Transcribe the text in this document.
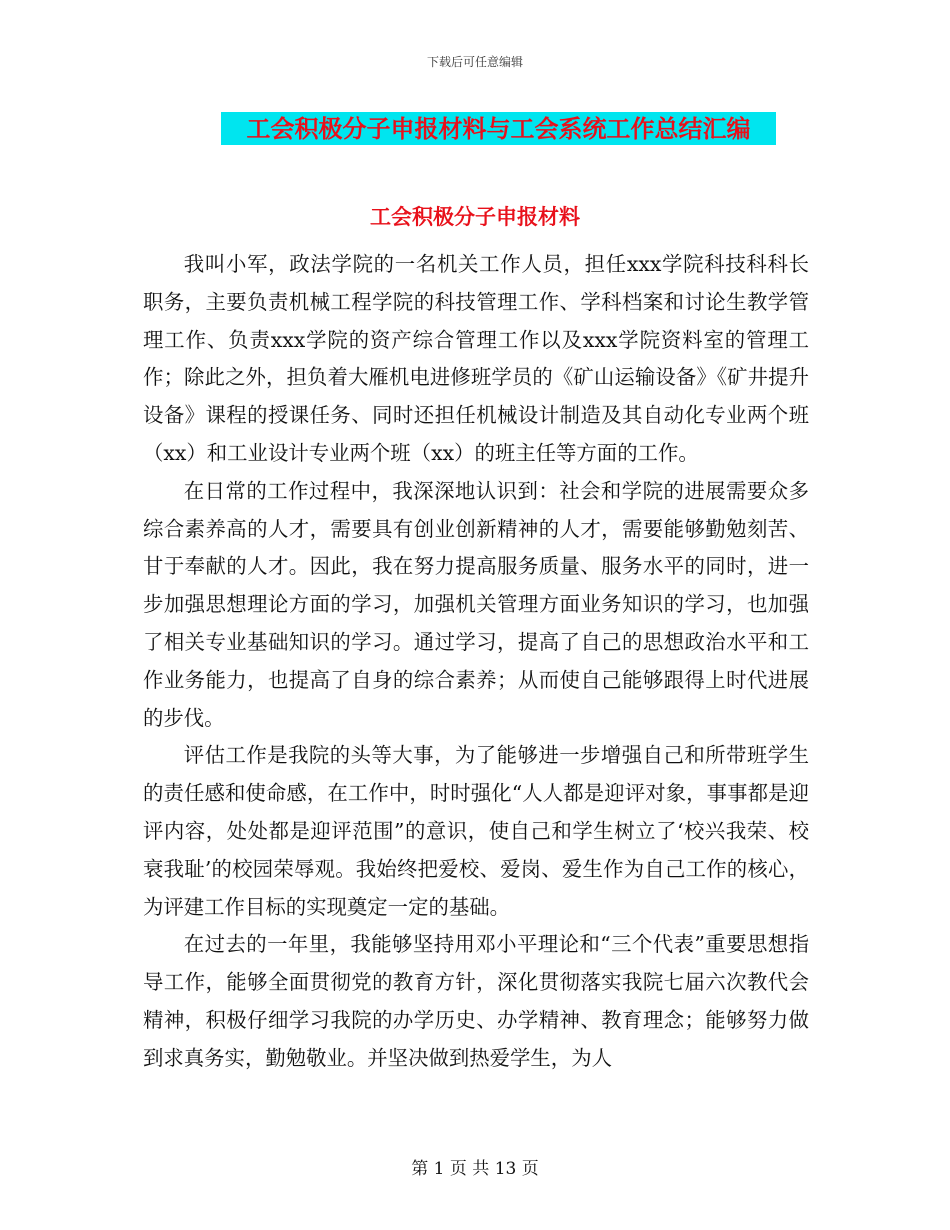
下载后可任意编辑
工会积极分子申报材料与工会系统工作总结汇编
工会积极分子申报材料

我叫小军，政法学院的一名机关工作人员，担任xxx学院科技科科长职务，主要负责机械工程学院的科技管理工作、学科档案和讨论生教学管理工作、负责xxx学院的资产综合管理工作以及xxx学院资料室的管理工作；除此之外，担负着大雁机电进修班学员的《矿山运输设备》《矿井提升设备》课程的授课任务、同时还担任机械设计制造及其自动化专业两个班（xx）和工业设计专业两个班（xx）的班主任等方面的工作。

在日常的工作过程中，我深深地认识到：社会和学院的进展需要众多综合素养高的人才，需要具有创业创新精神的人才，需要能够勤勉刻苦、甘于奉献的人才。因此，我在努力提高服务质量、服务水平的同时，进一步加强思想理论方面的学习，加强机关管理方面业务知识的学习，也加强了相关专业基础知识的学习。通过学习，提高了自己的思想政治水平和工作业务能力，也提高了自身的综合素养；从而使自己能够跟得上时代进展的步伐。

评估工作是我院的头等大事，为了能够进一步增强自己和所带班学生的责任感和使命感，在工作中，时时强化“人人都是迎评对象，事事都是迎评内容，处处都是迎评范围”的意识，使自己和学生树立了‘校兴我荣、校衰我耻’的校园荣辱观。我始终把爱校、爱岗、爱生作为自己工作的核心，为评建工作目标的实现奠定一定的基础。

在过去的一年里，我能够坚持用邓小平理论和“三个代表”重要思想指导工作，能够全面贯彻党的教育方针，深化贯彻落实我院七届六次教代会精神，积极仔细学习我院的办学历史、办学精神、教育理念；能够努力做到求真务实，勤勉敬业。并坚决做到热爱学生，为人

第 1 页 共 13 页
